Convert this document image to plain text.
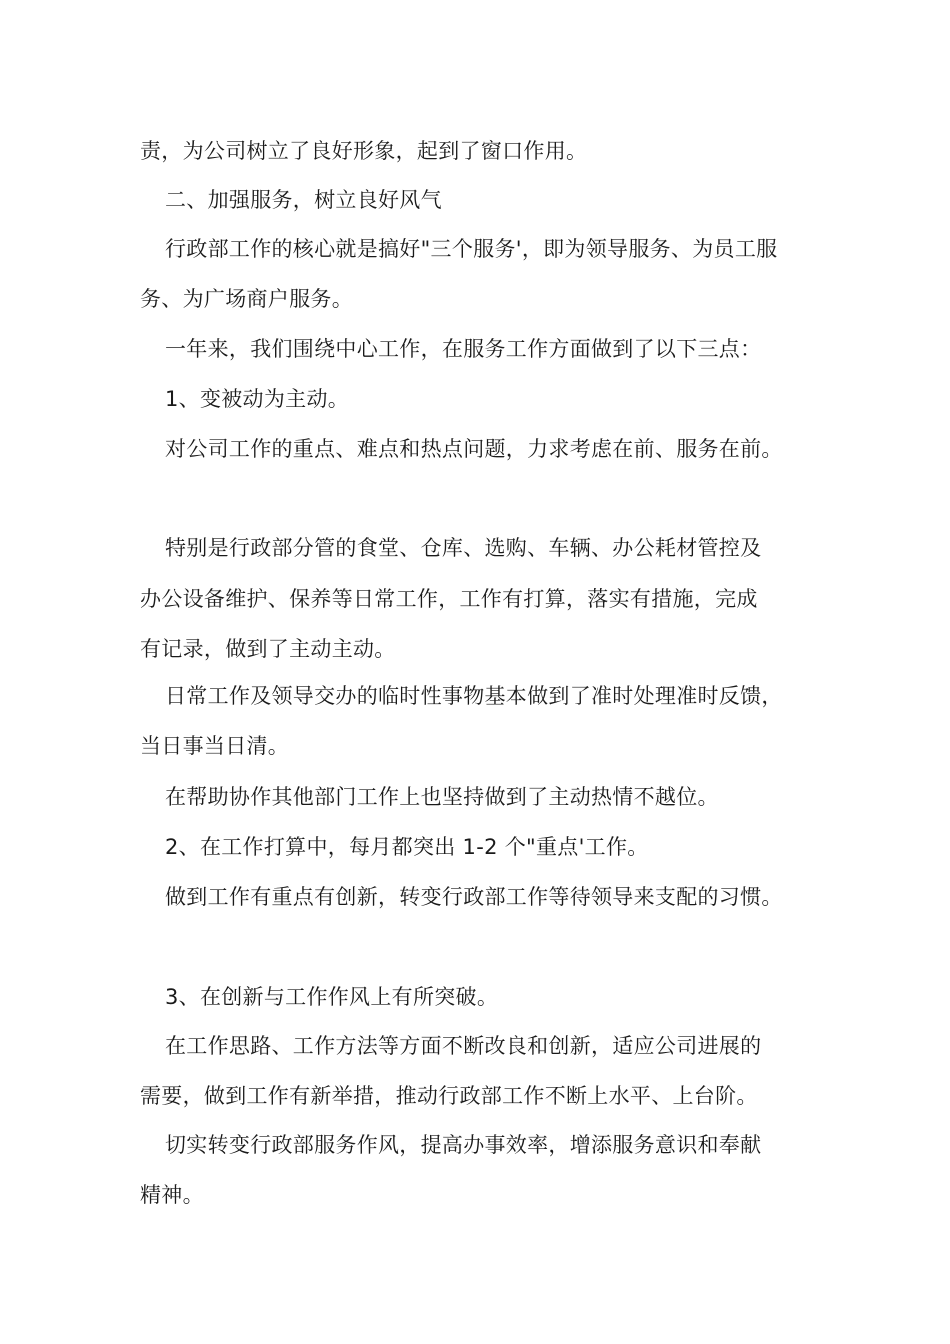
责，为公司树立了良好形象，起到了窗口作用。

二、加强服务，树立良好风气

行政部工作的核心就是搞好"三个服务'，即为领导服务、为员工服

务、为广场商户服务。

一年来，我们围绕中心工作，在服务工作方面做到了以下三点：

1、变被动为主动。

对公司工作的重点、难点和热点问题，力求考虑在前、服务在前。

特别是行政部分管的食堂、仓库、选购、车辆、办公耗材管控及

办公设备维护、保养等日常工作，工作有打算，落实有措施，完成

有记录，做到了主动主动。

日常工作及领导交办的临时性事物基本做到了准时处理准时反馈，

当日事当日清。

在帮助协作其他部门工作上也坚持做到了主动热情不越位。

2、在工作打算中，每月都突出 1-2 个"重点'工作。

做到工作有重点有创新，转变行政部工作等待领导来支配的习惯。

3、在创新与工作作风上有所突破。

在工作思路、工作方法等方面不断改良和创新，适应公司进展的

需要，做到工作有新举措，推动行政部工作不断上水平、上台阶。

切实转变行政部服务作风，提高办事效率，增添服务意识和奉献

精神。
